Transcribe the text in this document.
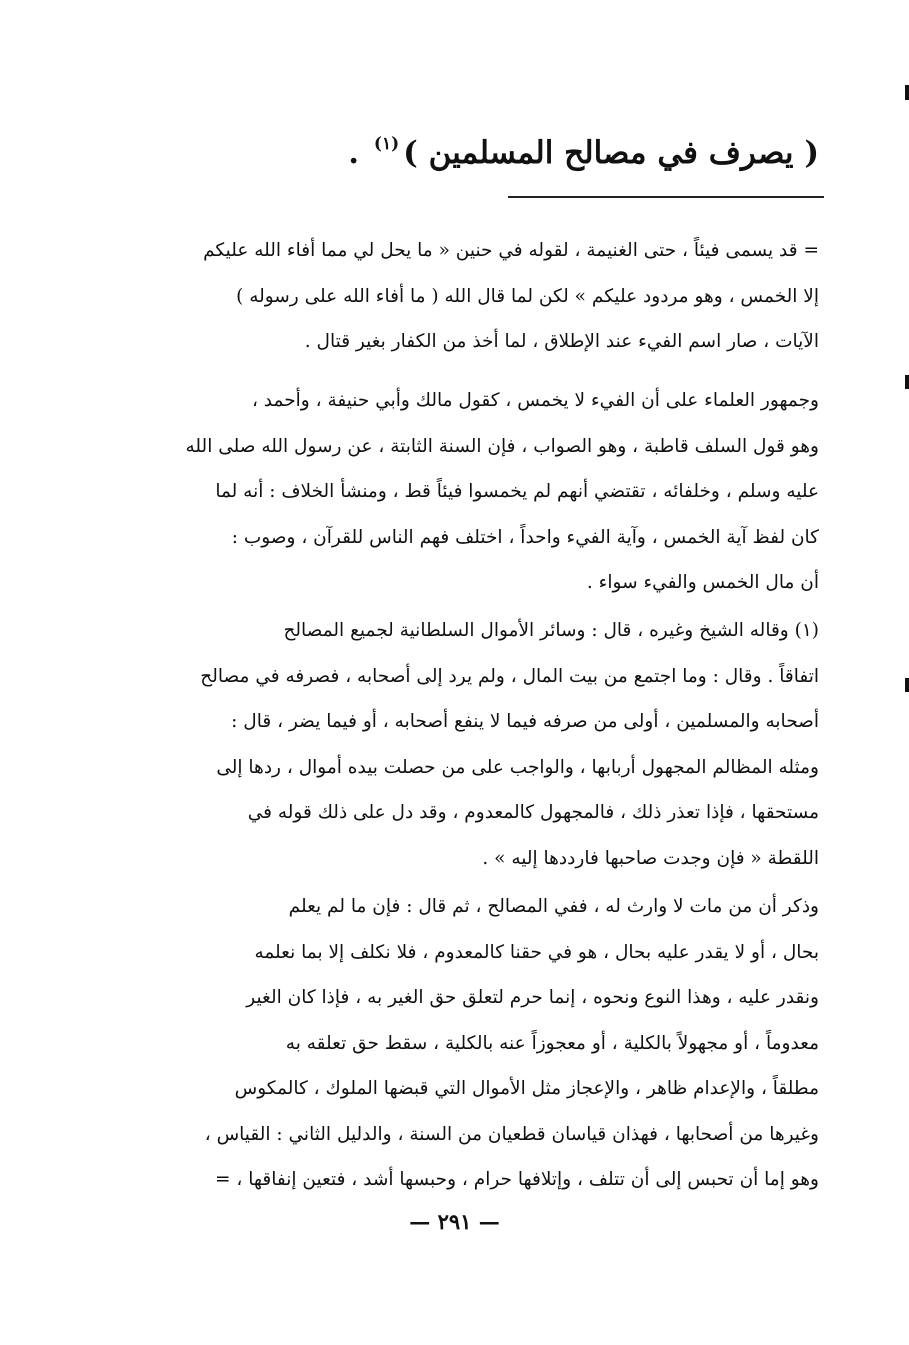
( يصرف في مصالح المسلمين )$^{(١)}$ .
= قد يسمى فيئاً ، حتى الغنيمة ، لقوله في حنين « ما يحل لي مما أفاء الله عليكم
إلا الخمس ، وهو مردود عليكم » لكن لما قال الله ( ما أفاء الله على رسوله )
الآيات ، صار اسم الفيء عند الإطلاق ، لما أخذ من الكفار بغير قتال .
وجمهور العلماء على أن الفيء لا يخمس ، كقول مالك وأبي حنيفة ، وأحمد ،
وهو قول السلف قاطبة ، وهو الصواب ، فإن السنة الثابتة ، عن رسول الله صلى الله
عليه وسلم ، وخلفائه ، تقتضي أنهم لم يخمسوا فيئاً قط ، ومنشأ الخلاف : أنه لما
كان لفظ آية الخمس ، وآية الفيء واحداً ، اختلف فهم الناس للقرآن ، وصوب :
أن مال الخمس والفيء سواء .
(١) وقاله الشيخ وغيره ، قال : وسائر الأموال السلطانية لجميع المصالح
اتفاقاً . وقال : وما اجتمع من بيت المال ، ولم يرد إلى أصحابه ، فصرفه في مصالح
أصحابه والمسلمين ، أولى من صرفه فيما لا ينفع أصحابه ، أو فيما يضر ، قال :
ومثله المظالم المجهول أربابها ، والواجب على من حصلت بيده أموال ، ردها إلى
مستحقها ، فإذا تعذر ذلك ، فالمجهول كالمعدوم ، وقد دل على ذلك قوله في
اللقطة « فإن وجدت صاحبها فارددها إليه » .
وذكر أن من مات لا وارث له ، ففي المصالح ، ثم قال : فإن ما لم يعلم
بحال ، أو لا يقدر عليه بحال ، هو في حقنا كالمعدوم ، فلا نكلف إلا بما نعلمه
ونقدر عليه ، وهذا النوع ونحوه ، إنما حرم لتعلق حق الغير به ، فإذا كان الغير
معدوماً ، أو مجهولاً بالكلية ، أو معجوزاً عنه بالكلية ، سقط حق تعلقه به
مطلقاً ، والإعدام ظاهر ، والإعجاز مثل الأموال التي قبضها الملوك ، كالمكوس
وغيرها من أصحابها ، فهذان قياسان قطعيان من السنة ، والدليل الثاني : القياس ،
وهو إما أن تحبس إلى أن تتلف ، وإتلافها حرام ، وحبسها أشد ، فتعين إنفاقها ، =
— ٢٩١ —
